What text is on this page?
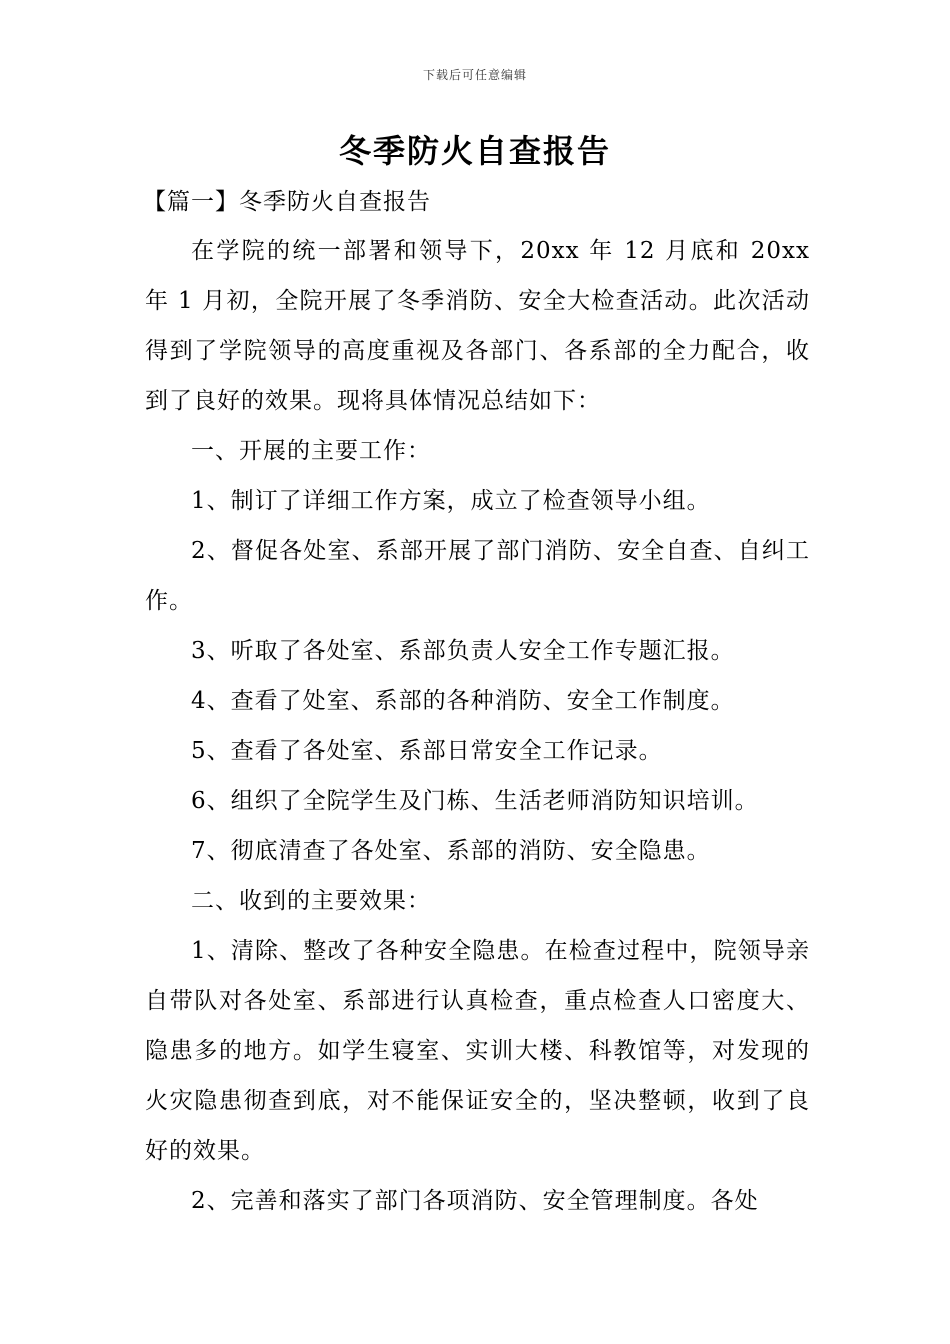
下载后可任意编辑
冬季防火自查报告
【篇一】冬季防火自查报告

在学院的统一部署和领导下，20xx 年 12 月底和 20xx 年 1 月初，全院开展了冬季消防、安全大检查活动。此次活动得到了学院领导的高度重视及各部门、各系部的全力配合，收到了良好的效果。现将具体情况总结如下：

一、开展的主要工作：

1、制订了详细工作方案，成立了检查领导小组。

2、督促各处室、系部开展了部门消防、安全自查、自纠工作。

3、听取了各处室、系部负责人安全工作专题汇报。

4、查看了处室、系部的各种消防、安全工作制度。

5、查看了各处室、系部日常安全工作记录。

6、组织了全院学生及门栋、生活老师消防知识培训。

7、彻底清查了各处室、系部的消防、安全隐患。

二、收到的主要效果：

1、清除、整改了各种安全隐患。在检查过程中，院领导亲自带队对各处室、系部进行认真检查，重点检查人口密度大、隐患多的地方。如学生寝室、实训大楼、科教馆等，对发现的火灾隐患彻查到底，对不能保证安全的，坚决整顿，收到了良好的效果。

2、完善和落实了部门各项消防、安全管理制度。各处
